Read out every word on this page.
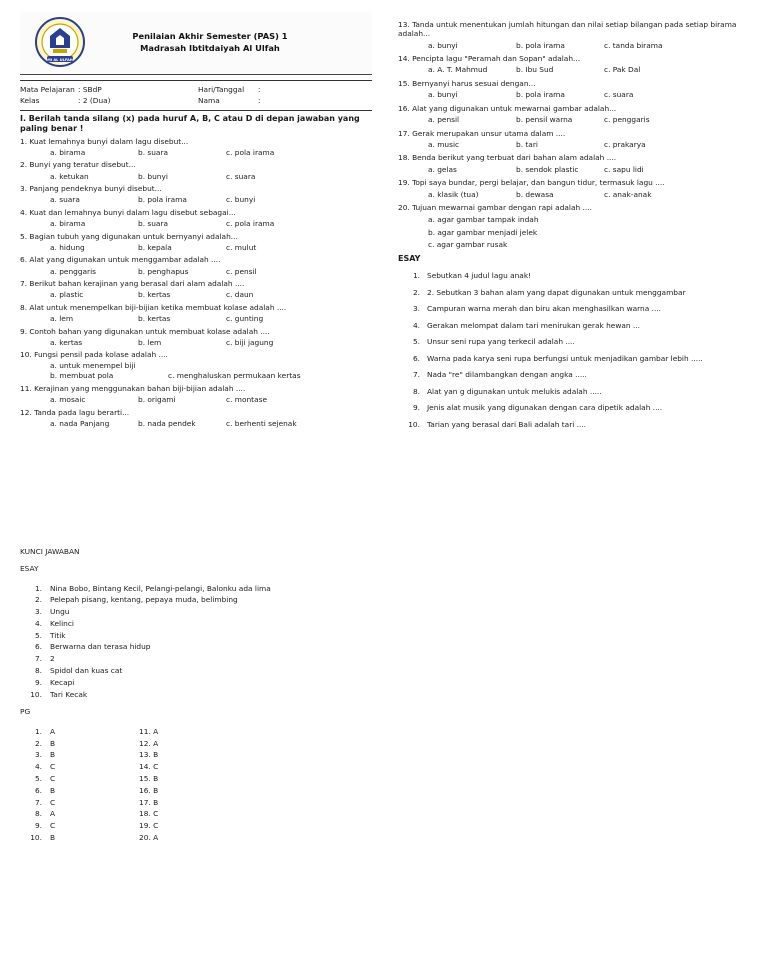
MI AL ULFAH
Penilaian Akhir Semester (PAS) 1
Madrasah Ibtitdaiyah Al Ulfah
Mata Pelajaran : SBdP	Hari/Tanggal :
Kelas	: 2 (Dua)	Nama	:
I. Berilah tanda silang (x) pada huruf A, B, C atau D di depan jawaban yang paling benar !
1. Kuat lemahnya bunyi dalam lagu disebut...
a. birama	b. suara	c. pola irama
2. Bunyi yang teratur disebut...
a. ketukan	b. bunyi	c. suara
3. Panjang pendeknya bunyi disebut...
a. suara	b. pola irama	c. bunyi
4. Kuat dan lemahnya bunyi dalam lagu disebut sebagai...
a. birama	b. suara	c. pola irama
5. Bagian tubuh yang digunakan untuk bernyanyi adalah...
a. hidung	b. kepala	c. mulut
6. Alat yang digunakan untuk menggambar adalah ....
a. penggaris	b. penghapus	c. pensil
7. Berikut bahan kerajinan yang berasal dari alam adalah ....
a. plastic	b. kertas	c. daun
8. Alat untuk menempelkan biji-bijian ketika membuat kolase adalah ....
a. lem	b. kertas	c. gunting
9. Contoh bahan yang digunakan untuk membuat kolase adalah ....
a. kertas	b. lem	c. biji jagung
10. Fungsi pensil pada kolase adalah ....
a. untuk menempel biji
b. membuat pola	c. menghaluskan permukaan kertas
11. Kerajinan yang menggunakan bahan biji-bijian adalah ....
a. mosaic	b. origami	c. montase
12. Tanda pada lagu berarti...
a. nada Panjang	b. nada pendek	c. berhenti sejenak
13. Tanda untuk menentukan jumlah hitungan dan nilai setiap bilangan pada setiap birama adalah...
a. bunyi	b. pola irama	c. tanda birama
14. Pencipta lagu "Peramah dan Sopan" adalah...
a. A. T. Mahmud	b. Ibu Sud	c. Pak Dal
15. Bernyanyi harus sesuai dengan...
a. bunyi	b. pola irama	c. suara
16. Alat yang digunakan untuk mewarnai gambar adalah...
a. pensil	b. pensil warna	c. penggaris
17. Gerak merupakan unsur utama dalam ....
a. music	b. tari	c. prakarya
18. Benda berikut yang terbuat dari bahan alam adalah ....
a. gelas	b. sendok plastic	c. sapu lidi
19. Topi saya bundar, pergi belajar, dan bangun tidur, termasuk lagu ....
a. klasik (tua)	b. dewasa	c. anak-anak
20. Tujuan mewarnai gambar dengan rapi adalah ....
a. agar gambar tampak indah
b. agar gambar menjadi jelek
c. agar gambar rusak
ESAY
1. Sebutkan 4 judul lagu anak!
2. 2. Sebutkan 3 bahan alam yang dapat digunakan untuk menggambar
3. Campuran warna merah dan biru akan menghasilkan warna ....
4. Gerakan melompat dalam tari menirukan gerak hewan ...
5. Unsur seni rupa yang terkecil adalah ....
6. Warna pada karya seni rupa berfungsi untuk menjadikan gambar lebih .....
7. Nada "re" dilambangkan dengan angka .....
8. Alat yan g digunakan untuk melukis adalah .....
9. Jenis alat musik yang digunakan dengan cara dipetik adalah ....
10. Tarian yang berasal dari Bali adalah tari ....
KUNCI JAWABAN
ESAY
1. Nina Bobo, Bintang Kecil, Pelangi-pelangi, Balonku ada lima
2. Pelepah pisang, kentang, pepaya muda, belimbing
3. Ungu
4. Kelinci
5. Titik
6. Berwarna dan terasa hidup
7. 2
8. Spidol dan kuas cat
9. Kecapi
10. Tari Kecak
PG
1. A	11. A
2. B	12. A
3. B	13. B
4. C	14. C
5. C	15. B
6. B	16. B
7. C	17. B
8. A	18. C
9. C	19. C
10. B	20. A
